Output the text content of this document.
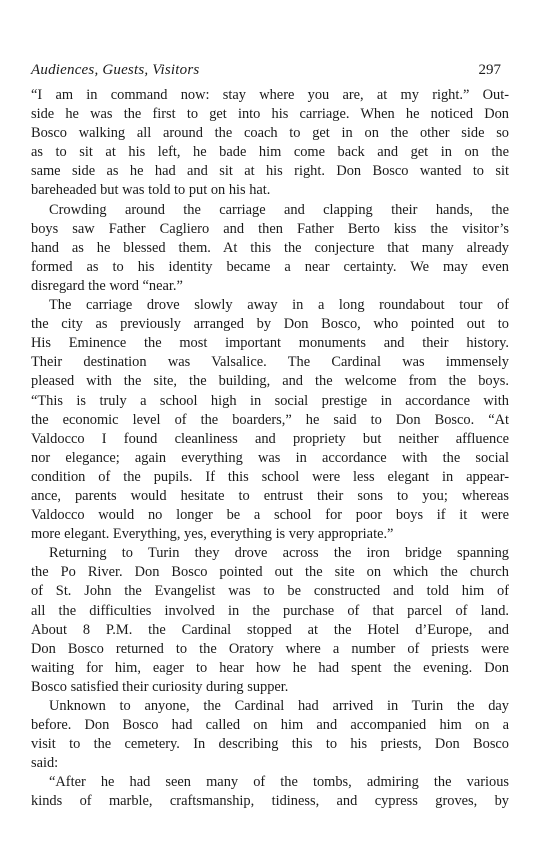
Audiences, Guests, Visitors	297
“I am in command now: stay where you are, at my right.” Out-
side he was the first to get into his carriage. When he noticed Don
Bosco walking all around the coach to get in on the other side so
as to sit at his left, he bade him come back and get in on the
same side as he had and sit at his right. Don Bosco wanted to sit
bareheaded but was told to put on his hat.
Crowding around the carriage and clapping their hands, the
boys saw Father Cagliero and then Father Berto kiss the visitor’s
hand as he blessed them. At this the conjecture that many already
formed as to his identity became a near certainty. We may even
disregard the word “near.”
The carriage drove slowly away in a long roundabout tour of
the city as previously arranged by Don Bosco, who pointed out to
His Eminence the most important monuments and their history.
Their destination was Valsalice. The Cardinal was immensely
pleased with the site, the building, and the welcome from the boys.
“This is truly a school high in social prestige in accordance with
the economic level of the boarders,” he said to Don Bosco. “At
Valdocco I found cleanliness and propriety but neither affluence
nor elegance; again everything was in accordance with the social
condition of the pupils. If this school were less elegant in appear-
ance, parents would hesitate to entrust their sons to you; whereas
Valdocco would no longer be a school for poor boys if it were
more elegant. Everything, yes, everything is very appropriate.”
Returning to Turin they drove across the iron bridge spanning
the Po River. Don Bosco pointed out the site on which the church
of St. John the Evangelist was to be constructed and told him of
all the difficulties involved in the purchase of that parcel of land.
About 8 P.M. the Cardinal stopped at the Hotel d’Europe, and
Don Bosco returned to the Oratory where a number of priests were
waiting for him, eager to hear how he had spent the evening. Don
Bosco satisfied their curiosity during supper.
Unknown to anyone, the Cardinal had arrived in Turin the day
before. Don Bosco had called on him and accompanied him on a
visit to the cemetery. In describing this to his priests, Don Bosco
said:
“After he had seen many of the tombs, admiring the various
kinds of marble, craftsmanship, tidiness, and cypress groves, by
